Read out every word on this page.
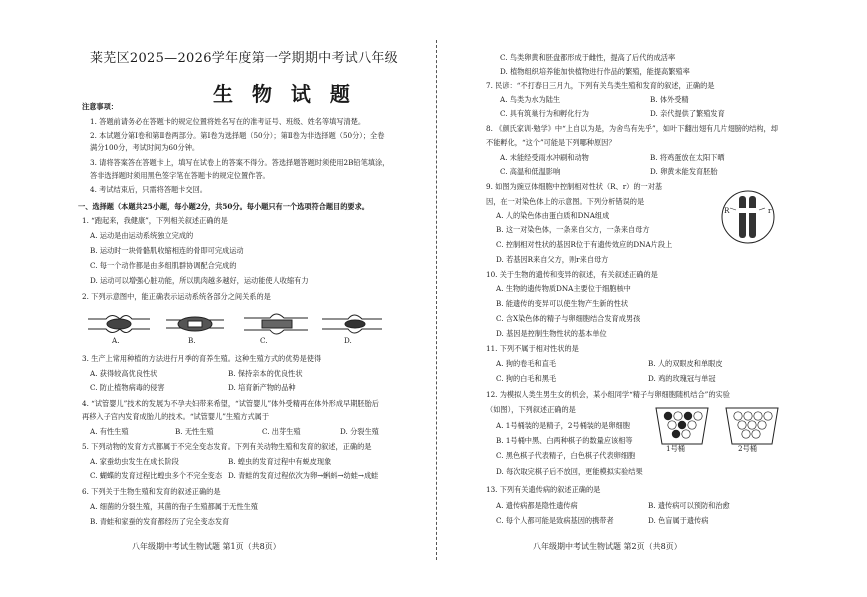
莱芜区2025—2026学年度第一学期期中考试八年级
生 物 试 题
注意事项：
1. 答题前请务必在答题卡的规定位置将姓名写在的准考证号、班级、姓名等填写清楚。
2. 本试题分第Ⅰ卷和第Ⅱ卷两部分。第Ⅰ卷为选择题（50分）；第Ⅱ卷为非选择题（50分）；全卷
满分100分，考试时间为60分钟。
3. 请将答案答在答题卡上，填写在试卷上的答案不得分。答选择题答题时须使用2B铅笔填涂，
答非选择题时须用黑色签字笔在答题卡的规定位置作答。
4. 考试结束后，只需将答题卡交回。
一、选择题（本题共25小题，每小题2分，共50分。每小题只有一个选项符合题目的要求。
1. “跑起来，我健康”，下列相关叙述正确的是
A. 运动是由运动系统独立完成的
B. 运动时一块骨骼肌收缩相连的骨即可完成运动
C. 每一个动作都是由多组肌群协调配合完成的
D. 运动可以增强心脏功能，所以肌肉越多越好，运动能使人收缩有力
2. 下列示意图中，能正确表示运动系统各部分之间关系的是
A.	B.	C.	D.
3. 生产上常用种植的方法进行月季的育养生殖。这种生殖方式的优势是使得
A. 获得较高优良性状	B. 保持亲本的优良性状
C. 防止植物病毒的侵害	D. 培育新产物的品种
4. “试管婴儿”技术的发展为不孕夫妇带来希望，“试管婴儿”体外受精再在体外形成早期胚胎后
再移入子宫内发育成胎儿的技术。“试管婴儿”生殖方式属于
A. 有性生殖	B. 无性生殖	C. 出芽生殖	D. 分裂生殖
5. 下列动物的发育方式都属于不完全变态发育。下列有关动物生殖和发育的叙述，正确的是
A. 家蚕幼虫发生在成长阶段	B. 蝗虫的发育过程中有蜕皮现象
C. 蝴蝶的发育过程比蝗虫多个不完全变态 D. 青蛙的发育过程依次为卵→蝌蚪→幼蛙→成蛙
6. 下列关于生物生殖和发育的叙述正确的是
A. 细菌的分裂生殖，其菌的孢子生殖都属于无性生殖
B. 青蛙和家蚕的发育都经历了完全变态发育
八年级期中考试生物试题 第1页（共8页）
C. 鸟类卵黄和胚盘都形成于雌性，提高了后代的成活率
D. 植物组织培养能加快植物进行作品的繁殖，能提高繁殖率
7. 民谚：“不打春日三月九，下列有关鸟类生殖和发育的叙述，正确的是
A. 鸟类为水为陆生	B. 体外受精
C. 具有筑巢行为和孵化行为	D. 亲代提供了繁殖发育
8. 《颜氏家训·勉学》中“上自以为是，为舍鸟有先乎”，如叶下翻出翅有几片翅膀的结构，却
不能孵化，“这个”可能是下列哪种原因？
A. 未能经受雨水冲刷和动物	B. 将鸡蛋放在太阳下晒
C. 高温和低温影响	D. 卵黄未能发育胚胎
9. 如图为豌豆体细胞中控制相对性状（R、r）的一对基
因，在一对染色体上的示意图。下列分析错误的是
A. 人的染色体由蛋白质和DNA组成
B. 这一对染色体，一条来自父方，一条来自母方
C. 控制相对性状的基因R位于有遗传效应的DNA片段上
D. 若基因R来自父方，则r来自母方
R	r
10. 关于生物的遗传和变异的叙述，有关叙述正确的是
A. 生物的遗传物质DNA主要位于细胞核中
B. 能遗传的变异可以使生物产生新的性状
C. 含X染色体的精子与卵细胞结合发育成男孩
D. 基因是控制生物性状的基本单位
11. 下列不属于相对性状的是
A. 狗的卷毛和直毛	B. 人的双眼皮和单眼皮
C. 狗的白毛和黑毛	D. 鸡的玫瑰冠与单冠
12. 为模拟人类生男生女的机会，某小组同学“精子与卵细胞随机结合”的实验
（如图），下列叙述正确的是
A. 1号桶装的是精子，2号桶装的是卵细胞
B. 1号桶中黑、白两种棋子的数量应该相等
C. 黑色棋子代表精子，白色棋子代表卵细胞
D. 每次取完棋子后不放回，更能模拟实验结果
1号桶	2号桶
13. 下列有关遗传病的叙述正确的是
A. 遗传病都是隐性遗传病	B. 遗传病可以预防和治愈
C. 每个人都可能是致病基因的携带者	D. 色盲属于遗传病
八年级期中考试生物试题 第2页（共8页）
